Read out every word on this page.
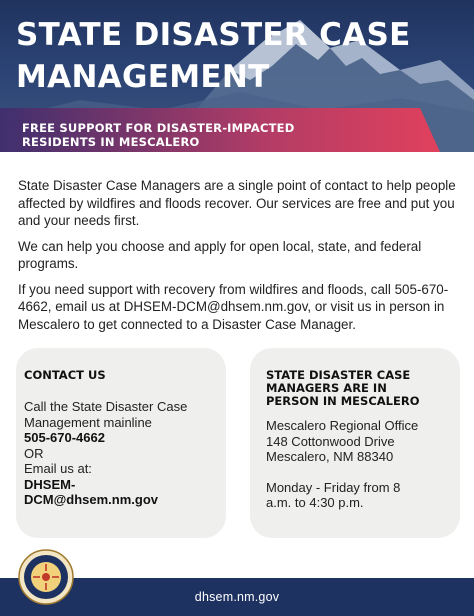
STATE DISASTER CASE
MANAGEMENT
FREE SUPPORT FOR DISASTER-IMPACTED
RESIDENTS IN MESCALERO

State Disaster Case Managers are a single point of contact to help people affected by wildfires and floods recover. Our services are free and put you and your needs first.

We can help you choose and apply for open local, state, and federal programs.

If you need support with recovery from wildfires and floods, call 505-670-4662, email us at DHSEM-DCM@dhsem.nm.gov, or visit us in person in Mescalero to get connected to a Disaster Case Manager.

CONTACT US
Call the State Disaster Case
Management mainline
505-670-4662
OR
Email us at:
DHSEM-
DCM@dhsem.nm.gov
STATE DISASTER CASE
MANAGERS ARE IN
PERSON IN MESCALERO
Mescalero Regional Office
148 Cottonwood Drive
Mescalero, NM 88340
Monday - Friday from 8
a.m. to 4:30 p.m.
dhsem.nm.gov
